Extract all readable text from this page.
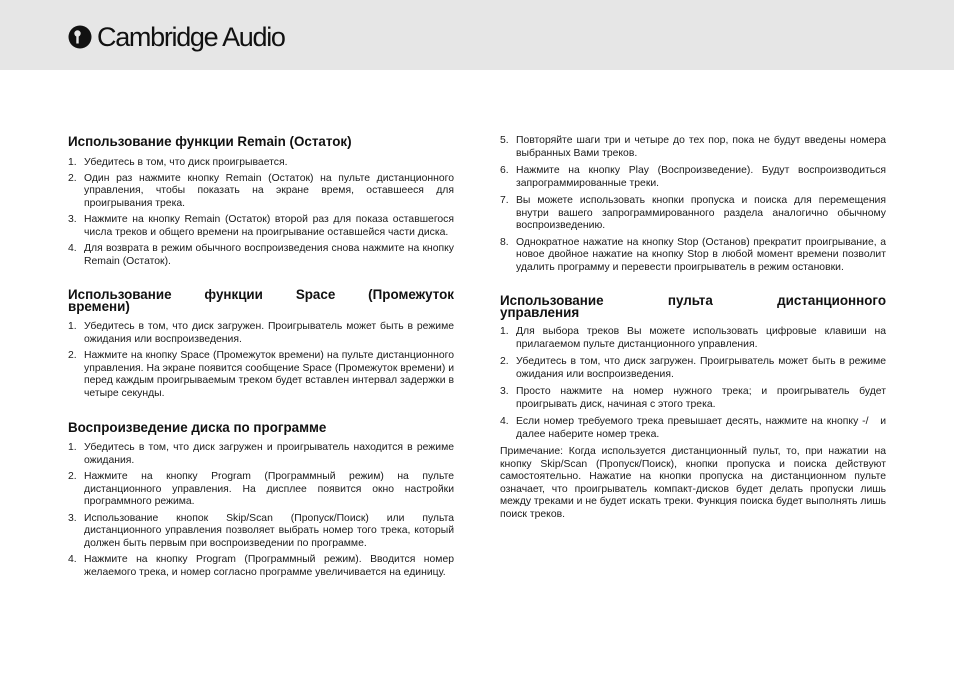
Cambridge Audio
Использование функции Remain (Остаток)
1. Убедитесь в том, что диск проигрывается.
2. Один раз нажмите кнопку Remain (Остаток) на пульте дистанционного управления, чтобы показать на экране время, оставшееся для проигрывания трека.
3. Нажмите на кнопку Remain (Остаток) второй раз для показа оставшегося числа треков и общего времени на проигрывание оставшейся части диска.
4. Для возврата в режим обычного воспроизведения снова нажмите на кнопку Remain (Остаток).
Использование функции Space (Промежуток
времени)
1. Убедитесь в том, что диск загружен. Проигрыватель может быть в режиме ожидания или воспроизведения.
2. Нажмите на кнопку Space (Промежуток времени) на пульте дистанционного управления. На экране появится сообщение Space (Промежуток времени) и перед каждым проигрываемым треком будет вставлен интервал задержки в четыре секунды.
Воспроизведение диска по программе
1. Убедитесь в том, что диск загружен и проигрыватель находится в режиме ожидания.
2. Нажмите на кнопку Program (Программный режим) на пульте дистанционного управления. На дисплее появится окно настройки программного режима.
3. Использование кнопок Skip/Scan (Пропуск/Поиск) или пульта дистанционного управления позволяет выбрать номер того трека, который должен быть первым при воспроизведении по программе.
4. Нажмите на кнопку Program (Программный режим). Вводится номер желаемого трека, и номер согласно программе увеличивается на единицу.
5. Повторяйте шаги три и четыре до тех пор, пока не будут введены номера выбранных Вами треков.
6. Нажмите на кнопку Play (Воспроизведение). Будут воспроизводиться запрограммированные треки.
7. Вы можете использовать кнопки пропуска и поиска для перемещения внутри вашего запрограммированного раздела аналогично обычному воспроизведению.
8. Однократное нажатие на кнопку Stop (Останов) прекратит проигрывание, а новое двойное нажатие на кнопку Stop в любой момент времени позволит удалить программу и перевести проигрыватель в режим остановки.
Использование пульта дистанционного
управления
1. Для выбора треков Вы можете использовать цифровые клавиши на прилагаемом пульте дистанционного управления.
2. Убедитесь в том, что диск загружен. Проигрыватель может быть в режиме ожидания или воспроизведения.
3. Просто нажмите на номер нужного трека; и проигрыватель будет проигрывать диск, начиная с этого трека.
4. Если номер требуемого трека превышает десять, нажмите на кнопку -/   и далее наберите номер трека.

Примечание: Когда используется дистанционный пульт, то, при нажатии на кнопку Skip/Scan (Пропуск/Поиск), кнопки пропуска и поиска действуют самостоятельно. Нажатие на кнопки пропуска на дистанционном пульте означает, что проигрыватель компакт-дисков будет делать пропуски лишь между треками и не будет искать треки. Функция поиска будет выполнять лишь поиск треков.
